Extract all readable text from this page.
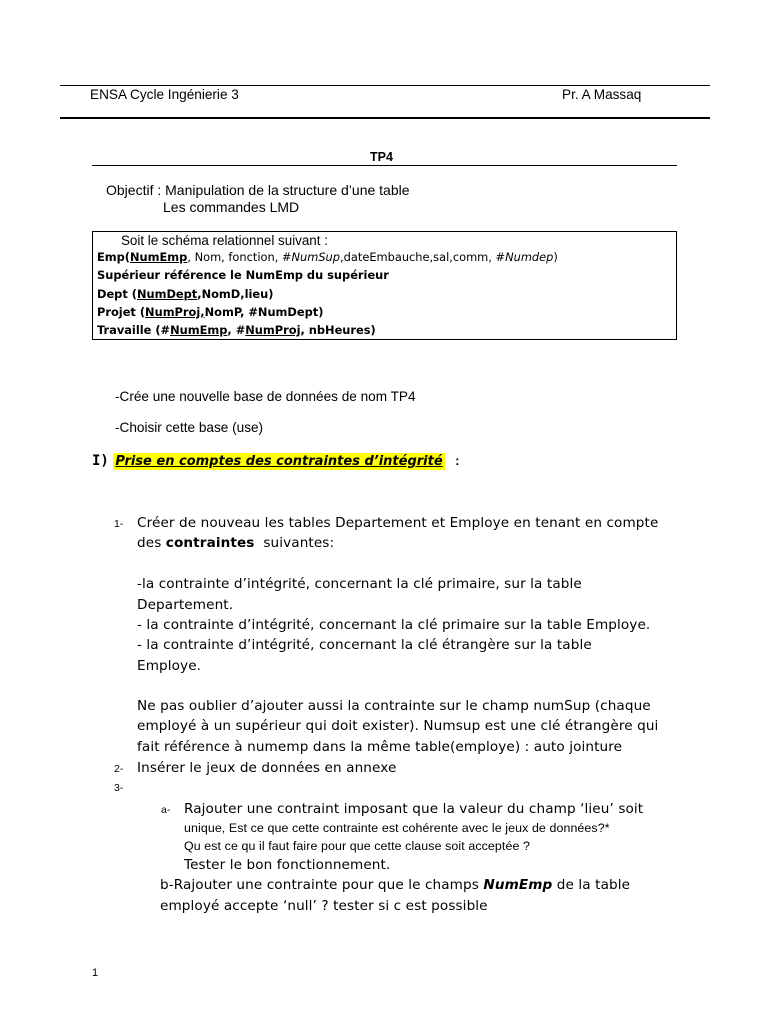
ENSA Cycle Ingénierie 3	Pr. A Massaq
TP4
Objectif : Manipulation de la structure d’une table
Les commandes LMD
Soit le schéma relationnel suivant :
Emp(NumEmp, Nom, fonction, #NumSup,dateEmbauche,sal,comm, #Numdep)
Supérieur référence le NumEmp du supérieur
Dept (NumDept,NomD,lieu)
Projet (NumProj,NomP, #NumDept)
Travaille (#NumEmp, #NumProj, nbHeures)
-Crée une nouvelle base de données de nom TP4
-Choisir cette base (use)
I) Prise en comptes des contraintes d’intégrité :
1- Créer de nouveau les tables Departement et Employe en tenant en compte
des contraintes suivantes:
-la contrainte d’intégrité, concernant la clé primaire, sur la table
Departement.
- la contrainte d’intégrité, concernant la clé primaire sur la table Employe.
- la contrainte d’intégrité, concernant la clé étrangère sur la table
Employe.
Ne pas oublier d’ajouter aussi la contrainte sur le champ numSup (chaque
employé à un supérieur qui doit exister). Numsup est une clé étrangère qui
fait référence à numemp dans la même table(employe) : auto jointure
2- Insérer le jeux de données en annexe
3-
a- Rajouter une contraint imposant que la valeur du champ ‘lieu’ soit
unique, Est ce que cette contrainte est cohérente avec le jeux de données?*
Qu est ce qu il faut faire pour que cette clause soit acceptée ?
Tester le bon fonctionnement.
b-Rajouter une contrainte pour que le champs NumEmp de la table
employé accepte ‘null’ ? tester si c est possible
1
